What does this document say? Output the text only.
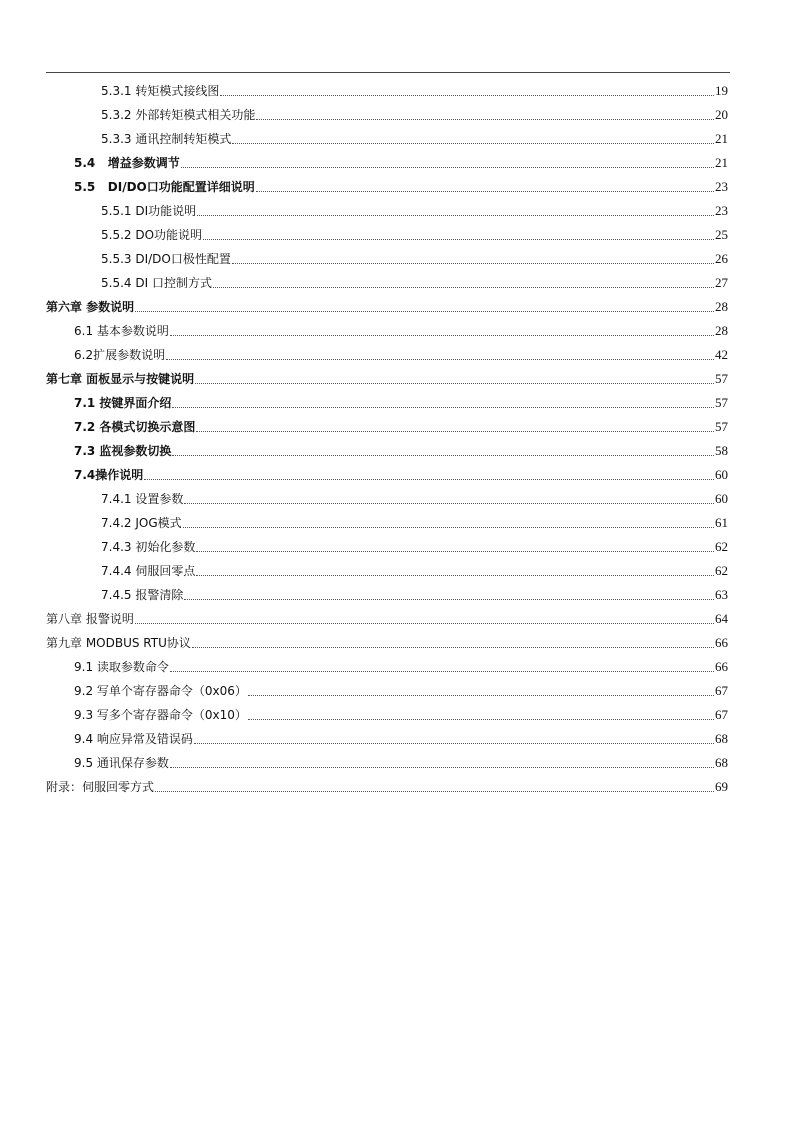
5.3.1 转矩模式接线图	19
5.3.2 外部转矩模式相关功能	20
5.3.3 通讯控制转矩模式	21
5.4   增益参数调节	21
5.5   DI/DO口功能配置详细说明	23
5.5.1 DI功能说明	23
5.5.2 DO功能说明	25
5.5.3 DI/DO口极性配置	26
5.5.4 DI 口控制方式	27
第六章 参数说明	28
6.1 基本参数说明	28
6.2扩展参数说明	42
第七章 面板显示与按键说明	57
7.1 按键界面介绍	57
7.2 各模式切换示意图	57
7.3 监视参数切换	58
7.4操作说明	60
7.4.1 设置参数	60
7.4.2 JOG模式	61
7.4.3 初始化参数	62
7.4.4 伺服回零点	62
7.4.5 报警清除	63
第八章 报警说明	64
第九章 MODBUS RTU协议	66
9.1 读取参数命令	66
9.2 写单个寄存器命令（0x06）	67
9.3 写多个寄存器命令（0x10）	67
9.4 响应异常及错误码	68
9.5 通讯保存参数	68
附录：伺服回零方式	69
